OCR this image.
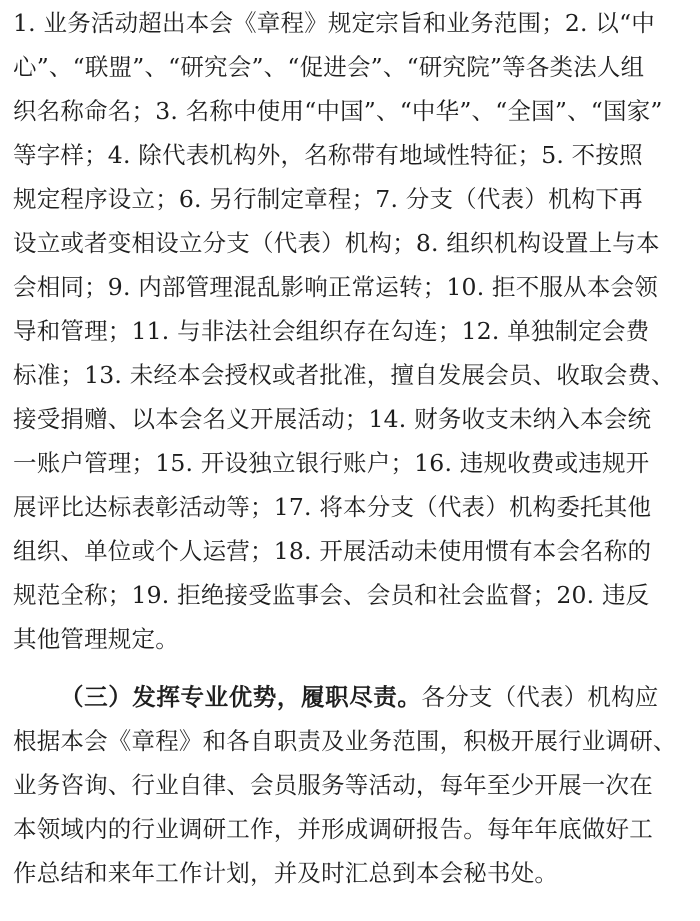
1. 业务活动超出本会《章程》规定宗旨和业务范围；2. 以“中
心”、“联盟”、“研究会”、“促进会”、“研究院”等各类法人组
织名称命名；3. 名称中使用“中国”、“中华”、“全国”、“国家”
等字样；4. 除代表机构外，名称带有地域性特征；5. 不按照
规定程序设立；6. 另行制定章程；7. 分支（代表）机构下再
设立或者变相设立分支（代表）机构；8. 组织机构设置上与本
会相同；9. 内部管理混乱影响正常运转；10. 拒不服从本会领
导和管理；11. 与非法社会组织存在勾连；12. 单独制定会费
标准；13. 未经本会授权或者批准，擅自发展会员、收取会费、
接受捐赠、以本会名义开展活动；14. 财务收支未纳入本会统
一账户管理；15. 开设独立银行账户；16. 违规收费或违规开
展评比达标表彰活动等；17. 将本分支（代表）机构委托其他
组织、单位或个人运营；18. 开展活动未使用惯有本会名称的
规范全称；19. 拒绝接受监事会、会员和社会监督；20. 违反
其他管理规定。
（三）发挥专业优势，履职尽责。各分支（代表）机构应
根据本会《章程》和各自职责及业务范围，积极开展行业调研、
业务咨询、行业自律、会员服务等活动，每年至少开展一次在
本领域内的行业调研工作，并形成调研报告。每年年底做好工
作总结和来年工作计划，并及时汇总到本会秘书处。
